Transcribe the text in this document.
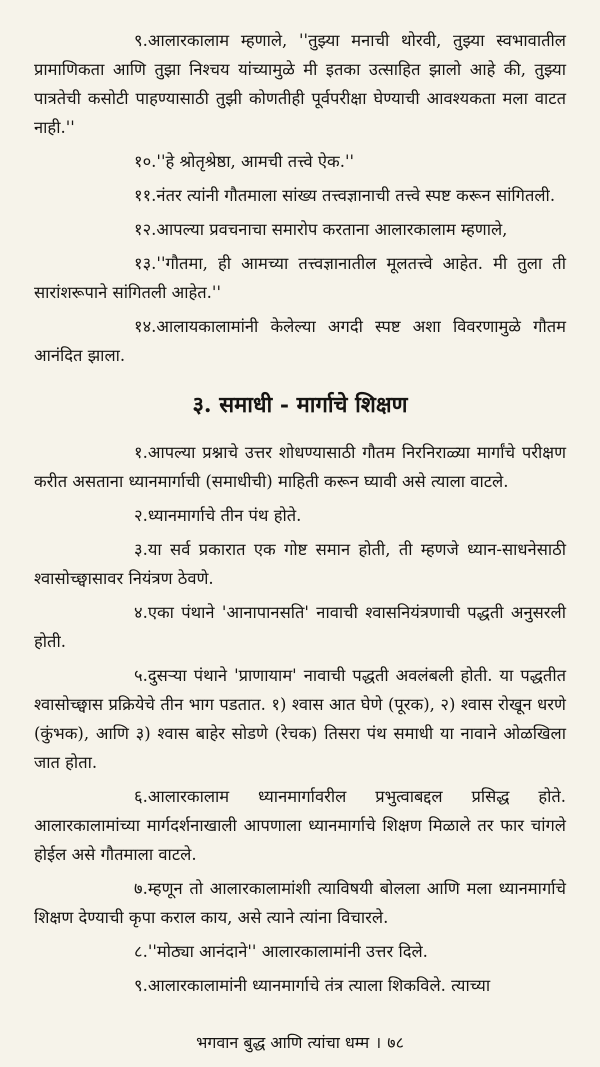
९.आलारकालाम म्हणाले, ''तुझ्या मनाची थोरवी, तुझ्या स्वभावातील प्रामाणिकता आणि तुझा निश्चय यांच्यामुळे मी इतका उत्साहित झालो आहे की, तुझ्या पात्रतेची कसोटी पाहण्यासाठी तुझी कोणतीही पूर्वपरीक्षा घेण्याची आवश्यकता मला वाटत नाही.''

१०.''हे श्रोतृश्रेष्ठा, आमची तत्त्वे ऐक.''

११.नंतर त्यांनी गौतमाला सांख्य तत्त्वज्ञानाची तत्त्वे स्पष्ट करून सांगितली.

१२.आपल्या प्रवचनाचा समारोप करताना आलारकालाम म्हणाले,

१३.''गौतमा, ही आमच्या तत्त्वज्ञानातील मूलतत्त्वे आहेत. मी तुला ती सारांशरूपाने सांगितली आहेत.''

१४.आलायकालामांनी केलेल्या अगदी स्पष्ट अशा विवरणामुळे गौतम आनंदित झाला.

३. समाधी - मार्गाचे शिक्षण

१.आपल्या प्रश्नाचे उत्तर शोधण्यासाठी गौतम निरनिराळ्या मार्गांचे परीक्षण करीत असताना ध्यानमार्गाची (समाधीची) माहिती करून घ्यावी असे त्याला वाटले.

२.ध्यानमार्गाचे तीन पंथ होते.

३.या सर्व प्रकारात एक गोष्ट समान होती, ती म्हणजे ध्यान-साधनेसाठी श्वासोच्छ्वासावर नियंत्रण ठेवणे.

४.एका पंथाने 'आनापानसति' नावाची श्वासनियंत्रणाची पद्धती अनुसरली होती.

५.दुसऱ्या पंथाने 'प्राणायाम' नावाची पद्धती अवलंबली होती. या पद्धतीत श्वासोच्छ्वास प्रक्रियेचे तीन भाग पडतात. १) श्वास आत घेणे (पूरक), २) श्वास रोखून धरणे (कुंभक), आणि ३) श्वास बाहेर सोडणे (रेचक) तिसरा पंथ समाधी या नावाने ओळखिला जात होता.

६.आलारकालाम ध्यानमार्गावरील प्रभुत्वाबद्दल प्रसिद्ध होते. आलारकालामांच्या मार्गदर्शनाखाली आपणाला ध्यानमार्गाचे शिक्षण मिळाले तर फार चांगले होईल असे गौतमाला वाटले.

७.म्हणून तो आलारकालामांशी त्याविषयी बोलला आणि मला ध्यानमार्गाचे शिक्षण देण्याची कृपा कराल काय, असे त्याने त्यांना विचारले.

८.''मोठ्या आनंदाने'' आलारकालामांनी उत्तर दिले.

९.आलारकालामांनी ध्यानमार्गाचे तंत्र त्याला शिकविले. त्याच्या

भगवान बुद्ध आणि त्यांचा धम्म । ७८
